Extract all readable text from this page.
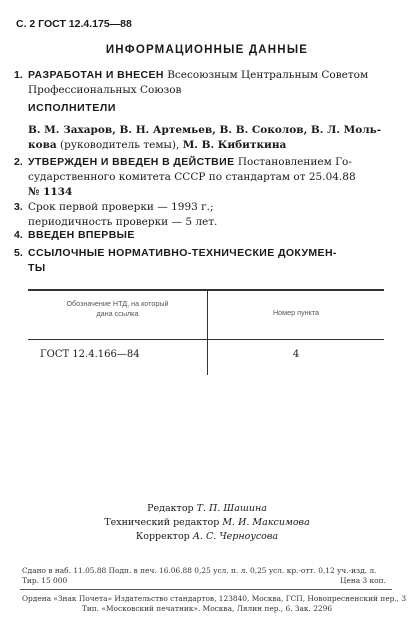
С. 2 ГОСТ 12.4.175—88
ИНФОРМАЦИОННЫЕ ДАННЫЕ
1. РАЗРАБОТАН И ВНЕСЕН Всесоюзным Центральным Советом
Профессиональных Союзов
ИСПОЛНИТЕЛИ
В. М. Захаров, В. Н. Артемьев, В. В. Соколов, В. Л. Моль-
кова (руководитель темы), М. В. Кибиткина
2. УТВЕРЖДЕН И ВВЕДЕН В ДЕЙСТВИЕ Постановлением Го-
сударственного комитета СССР по стандартам от 25.04.88
№ 1134
3. Срок первой проверки — 1993 г.;
периодичность проверки — 5 лет.
4. ВВЕДЕН ВПЕРВЫЕ
5. ССЫЛОЧНЫЕ НОРМАТИВНО-ТЕХНИЧЕСКИЕ ДОКУМЕН-
ТЫ
Обозначение НТД, на который
дана ссылка	Номер пункта
ГОСТ 12.4.166—84	4
Редактор Т. П. Шашина
Технический редактор М. И. Максимова
Корректор А. С. Черноусова
Сдано в наб. 11.05.88 Подп. в печ. 16.06.88 0,25 усл. п. л. 0,25 усл. кр.-отт. 0,12 уч.-изд. л.
Тир. 15 000	Цена 3 коп.
Ордена «Знак Почета» Издательство стандартов, 123840, Москва, ГСП, Новопресненский пер., 3
Тип. «Московский печатник». Москва, Лялин пер., 6. Зак. 2296
